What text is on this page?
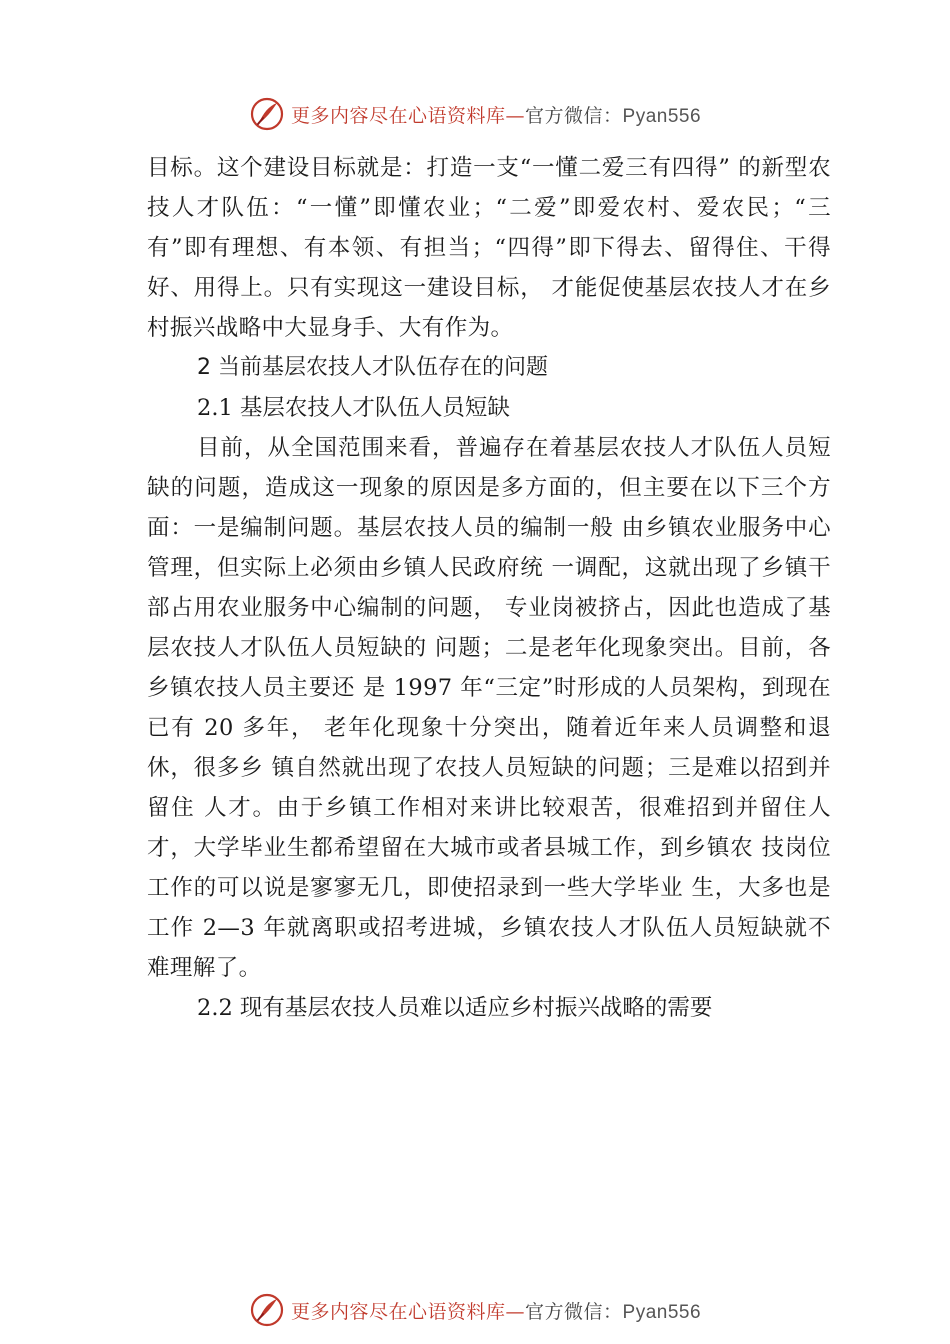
更多内容尽在心语资料库—官方微信：Pyan556

目标。这个建设目标就是：打造一支“一懂二爱三有四得” 的新型农技人才队伍：“一懂”即懂农业；“二爱”即爱农村、爱农民；“三有”即有理想、有本领、有担当；“四得”即下得去、留得住、干得好、用得上。只有实现这一建设目标， 才能促使基层农技人才在乡村振兴战略中大显身手、大有作为。

2 当前基层农技人才队伍存在的问题

2.1 基层农技人才队伍人员短缺

目前，从全国范围来看，普遍存在着基层农技人才队伍人员短缺的问题，造成这一现象的原因是多方面的，但主要在以下三个方面：一是编制问题。基层农技人员的编制一般 由乡镇农业服务中心管理，但实际上必须由乡镇人民政府统 一调配，这就出现了乡镇干部占用农业服务中心编制的问题， 专业岗被挤占，因此也造成了基层农技人才队伍人员短缺的 问题；二是老年化现象突出。目前，各乡镇农技人员主要还 是 1997 年“三定”时形成的人员架构，到现在已有 20 多年， 老年化现象十分突出，随着近年来人员调整和退休，很多乡 镇自然就出现了农技人员短缺的问题；三是难以招到并留住 人才。由于乡镇工作相对来讲比较艰苦，很难招到并留住人 才，大学毕业生都希望留在大城市或者县城工作，到乡镇农 技岗位工作的可以说是寥寥无几，即使招录到一些大学毕业 生，大多也是工作 2—3 年就离职或招考进城，乡镇农技人才队伍人员短缺就不难理解了。

2.2 现有基层农技人员难以适应乡村振兴战略的需要

更多内容尽在心语资料库—官方微信：Pyan556
